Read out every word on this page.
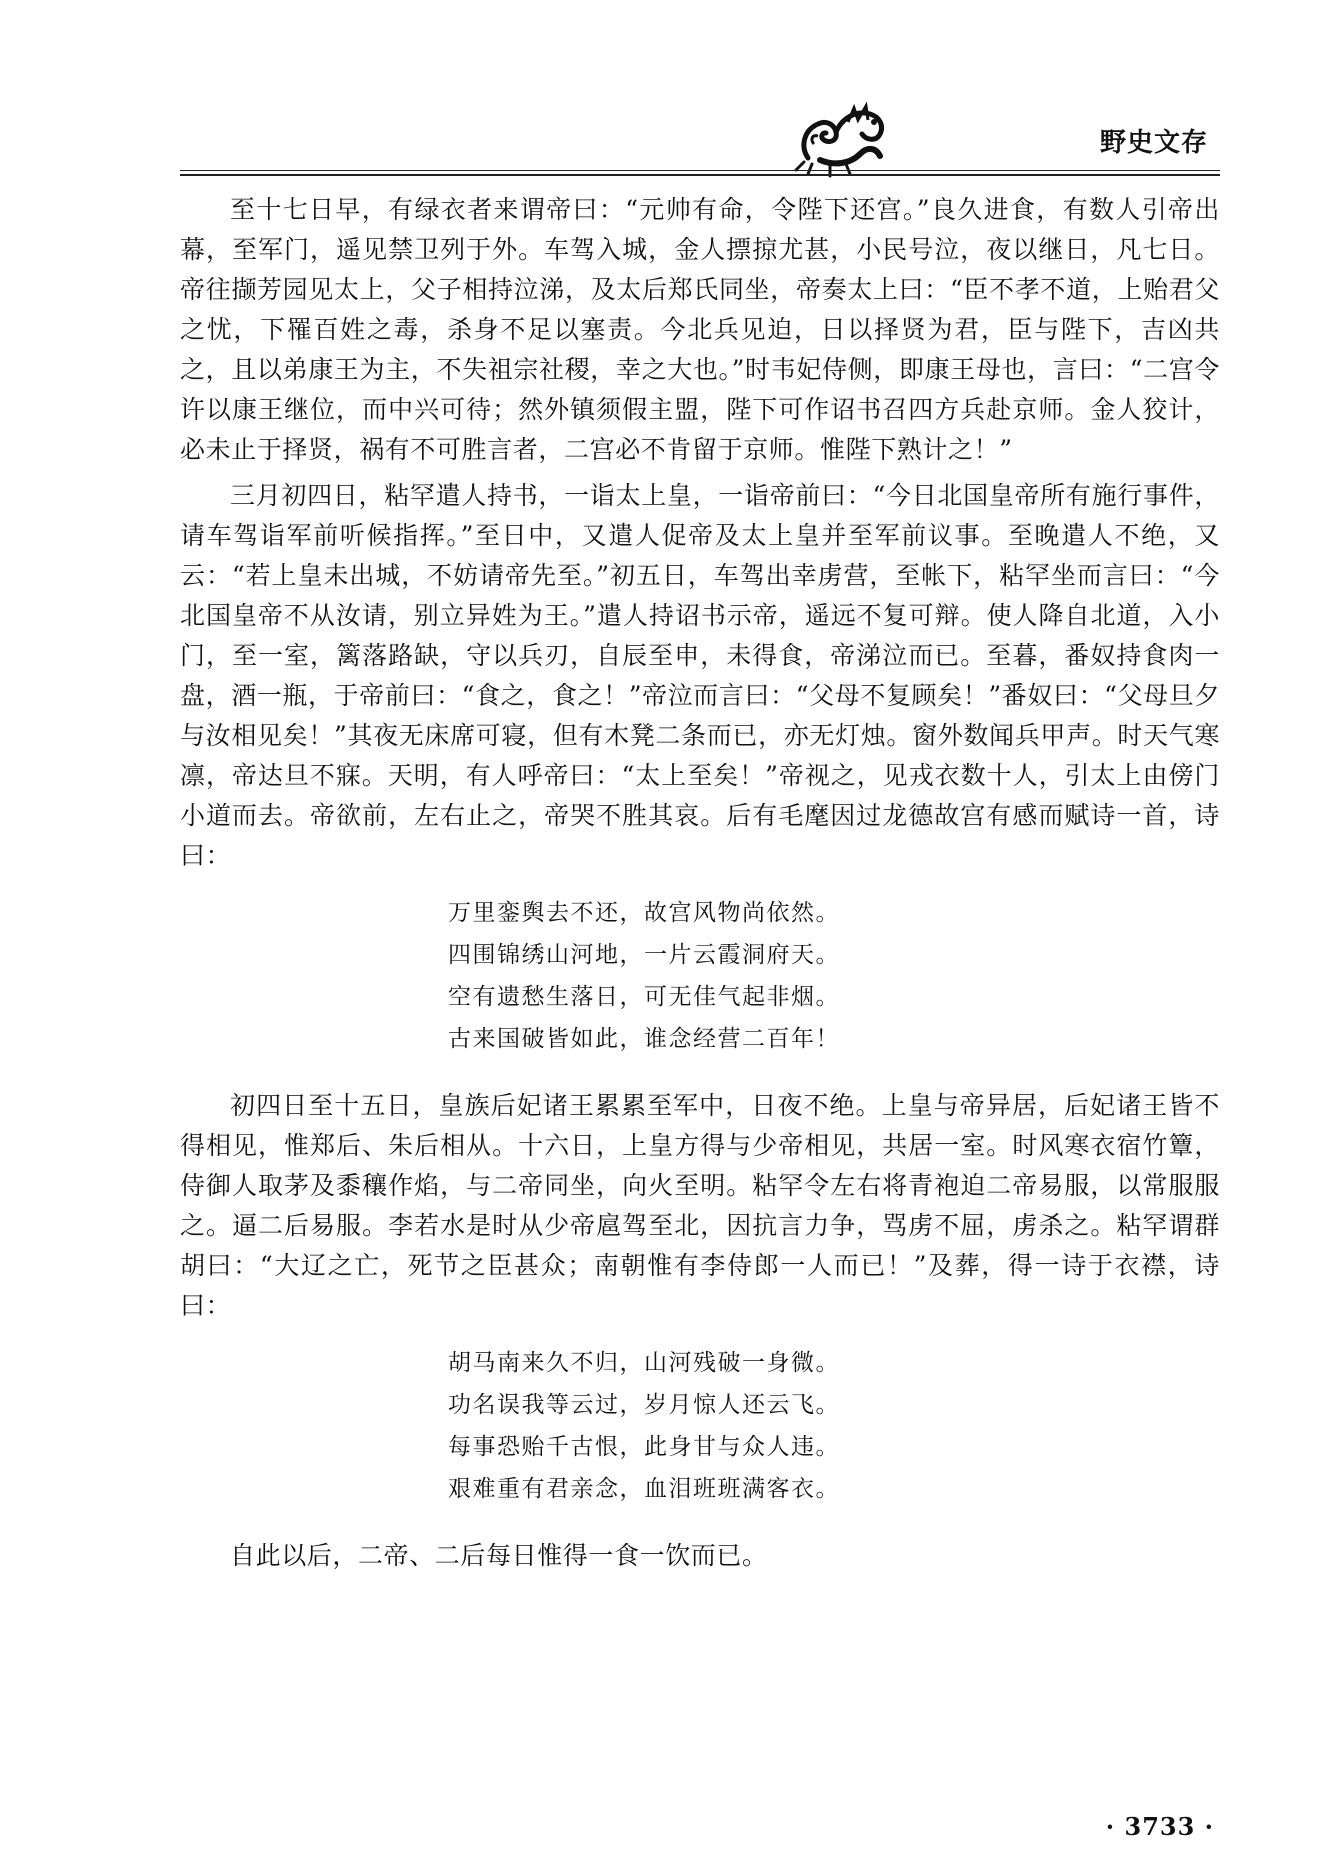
野史文存

至十七日早，有绿衣者来谓帝曰：“元帅有命，令陛下还宫。”良久进食，有数人引帝出幕，至军门，遥见禁卫列于外。车驾入城，金人摽掠尤甚，小民号泣，夜以继日，凡七日。帝往撷芳园见太上，父子相持泣涕，及太后郑氏同坐，帝奏太上曰：“臣不孝不道，上贻君父之忧，下罹百姓之毒，杀身不足以塞责。今北兵见迫，日以择贤为君，臣与陛下，吉凶共之，且以弟康王为主，不失祖宗社稷，幸之大也。”时韦妃侍侧，即康王母也，言曰：“二宫令许以康王继位，而中兴可待；然外镇须假主盟，陛下可作诏书召四方兵赴京师。金人狡计，必未止于择贤，祸有不可胜言者，二宫必不肯留于京师。惟陛下熟计之！”

三月初四日，粘罕遣人持书，一诣太上皇，一诣帝前曰：“今日北国皇帝所有施行事件，请车驾诣军前听候指挥。”至日中，又遣人促帝及太上皇并至军前议事。至晚遣人不绝，又云：“若上皇未出城，不妨请帝先至。”初五日，车驾出幸虏营，至帐下，粘罕坐而言曰：“今北国皇帝不从汝请，别立异姓为王。”遣人持诏书示帝，遥远不复可辩。使人降自北道，入小门，至一室，篱落路缺，守以兵刃，自辰至申，未得食，帝涕泣而已。至暮，番奴持食肉一盘，酒一瓶，于帝前曰：“食之，食之！”帝泣而言曰：“父母不复顾矣！”番奴曰：“父母旦夕与汝相见矣！”其夜无床席可寝，但有木凳二条而已，亦无灯烛。窗外数闻兵甲声。时天气寒凛，帝达旦不寐。天明，有人呼帝曰：“太上至矣！”帝视之，见戎衣数十人，引太上由傍门小道而去。帝欲前，左右止之，帝哭不胜其哀。后有毛麾因过龙德故宫有感而赋诗一首，诗曰：

万里銮舆去不还，故宫风物尚依然。
四围锦绣山河地，一片云霞洞府天。
空有遗愁生落日，可无佳气起非烟。
古来国破皆如此，谁念经营二百年！

初四日至十五日，皇族后妃诸王累累至军中，日夜不绝。上皇与帝异居，后妃诸王皆不得相见，惟郑后、朱后相从。十六日，上皇方得与少帝相见，共居一室。时风寒衣宿竹簟，侍御人取茅及黍穰作焰，与二帝同坐，向火至明。粘罕令左右将青袍迫二帝易服，以常服服之。逼二后易服。李若水是时从少帝扈驾至北，因抗言力争，骂虏不屈，虏杀之。粘罕谓群胡曰：“大辽之亡，死节之臣甚众；南朝惟有李侍郎一人而已！”及葬，得一诗于衣襟，诗曰：

胡马南来久不归，山河残破一身微。
功名误我等云过，岁月惊人还云飞。
每事恐贻千古恨，此身甘与众人违。
艰难重有君亲念，血泪班班满客衣。

自此以后，二帝、二后每日惟得一食一饮而已。

· 3733 ·
